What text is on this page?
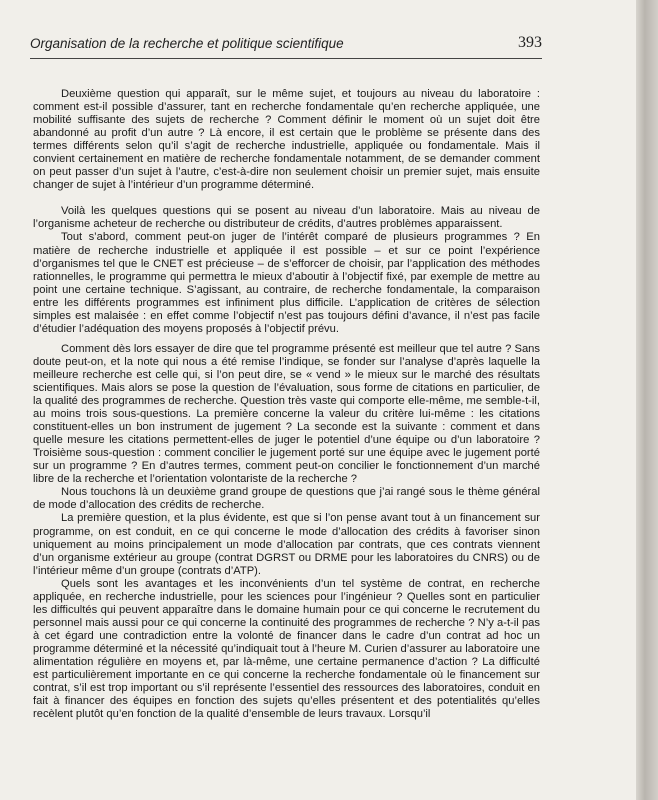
Organisation de la recherche et politique scientifique	393

Deuxième question qui apparaît, sur le même sujet, et toujours au niveau du laboratoire : comment est-il possible d’assurer, tant en recherche fondamentale qu’en recherche appliquée, une mobilité suffisante des sujets de recherche ? Comment définir le moment où un sujet doit être abandonné au profit d’un autre ? Là encore, il est certain que le problème se présente dans des termes différents selon qu’il s’agit de recherche industrielle, appliquée ou fondamentale. Mais il convient certainement en matière de recherche fondamentale notamment, de se demander comment on peut passer d’un sujet à l’autre, c’est-à-dire non seulement choisir un premier sujet, mais ensuite changer de sujet à l’intérieur d’un programme déterminé.

Voilà les quelques questions qui se posent au niveau d’un laboratoire. Mais au niveau de l’organisme acheteur de recherche ou distributeur de crédits, d’autres problèmes apparaissent.

Tout s’abord, comment peut-on juger de l’intérêt comparé de plusieurs programmes ? En matière de recherche industrielle et appliquée il est possible – et sur ce point l’expérience d’organismes tel que le CNET est précieuse – de s’efforcer de choisir, par l’application des méthodes rationnelles, le programme qui permettra le mieux d’aboutir à l’objectif fixé, par exemple de mettre au point une certaine technique. S’agissant, au contraire, de recherche fondamentale, la comparaison entre les différents programmes est infiniment plus difficile. L’application de critères de sélection simples est malaisée : en effet comme l’objectif n’est pas toujours défini d’avance, il n’est pas facile d’étudier l’adéquation des moyens proposés à l’objectif prévu.

Comment dès lors essayer de dire que tel programme présenté est meilleur que tel autre ? Sans doute peut-on, et la note qui nous a été remise l’indique, se fonder sur l’analyse d’après laquelle la meilleure recherche est celle qui, si l’on peut dire, se « vend » le mieux sur le marché des résultats scientifiques. Mais alors se pose la question de l’évaluation, sous forme de citations en particulier, de la qualité des programmes de recherche. Question très vaste qui comporte elle-même, me semble-t-il, au moins trois sous-questions. La première concerne la valeur du critère lui-même : les citations constituent-elles un bon instrument de jugement ? La seconde est la suivante : comment et dans quelle mesure les citations permettent-elles de juger le potentiel d’une équipe ou d’un laboratoire ? Troisième sous-question : comment concilier le jugement porté sur une équipe avec le jugement porté sur un programme ? En d’autres termes, comment peut-on concilier le fonctionnement d’un marché libre de la recherche et l’orientation volontariste de la recherche ?

Nous touchons là un deuxième grand groupe de questions que j’ai rangé sous le thème général de mode d’allocation des crédits de recherche.

La première question, et la plus évidente, est que si l’on pense avant tout à un financement sur programme, on est conduit, en ce qui concerne le mode d’allocation des crédits à favoriser sinon uniquement au moins principalement un mode d’allocation par contrats, que ces contrats viennent d’un organisme extérieur au groupe (contrat DGRST ou DRME pour les laboratoires du CNRS) ou de l’intérieur même d’un groupe (contrats d’ATP).

Quels sont les avantages et les inconvénients d’un tel système de contrat, en recherche appliquée, en recherche industrielle, pour les sciences pour l’ingénieur ? Quelles sont en particulier les difficultés qui peuvent apparaître dans le domaine humain pour ce qui concerne le recrutement du personnel mais aussi pour ce qui concerne la continuité des programmes de recherche ? N’y a-t-il pas à cet égard une contradiction entre la volonté de financer dans le cadre d’un contrat ad hoc un programme déterminé et la nécessité qu’indiquait tout à l’heure M. Curien d’assurer au laboratoire une alimentation régulière en moyens et, par là-même, une certaine permanence d’action ? La difficulté est particulièrement importante en ce qui concerne la recherche fondamentale où le financement sur contrat, s’il est trop important ou s’il représente l’essentiel des ressources des laboratoires, conduit en fait à financer des équipes en fonction des sujets qu’elles présentent et des potentialités qu’elles recèlent plutôt qu’en fonction de la qualité d’ensemble de leurs travaux. Lorsqu’il
